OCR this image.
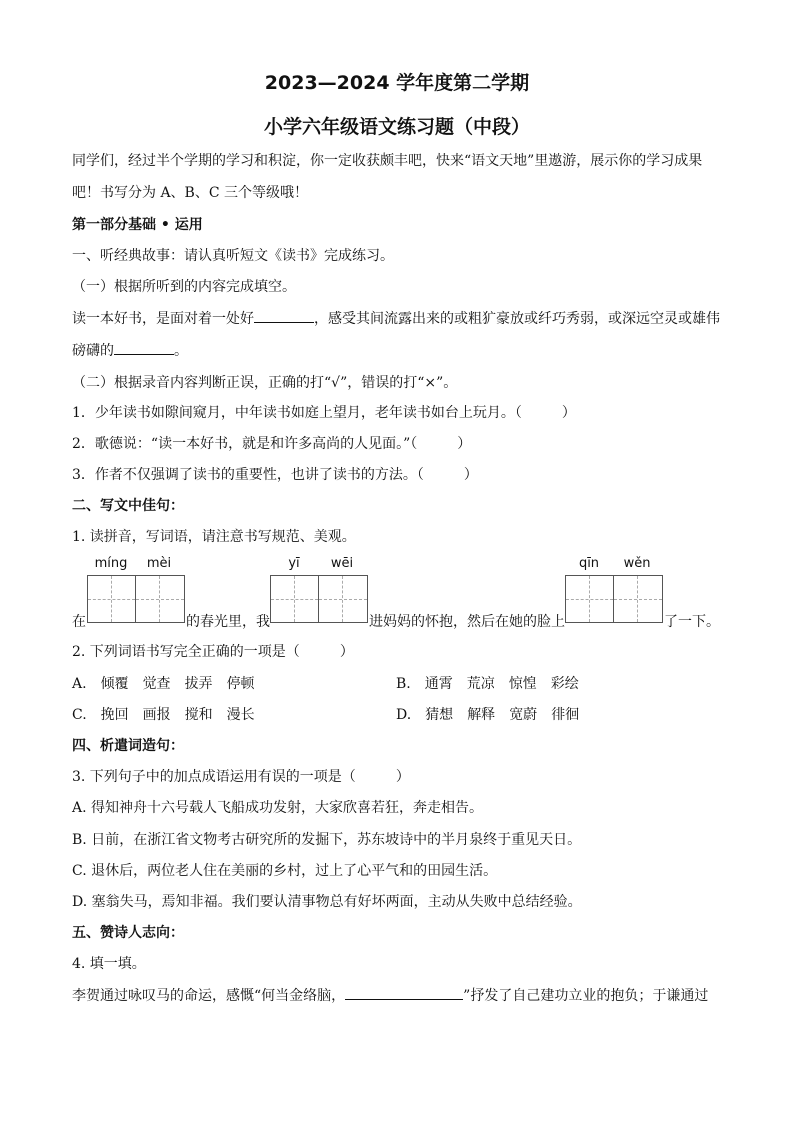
2023—2024 学年度第二学期
小学六年级语文练习题（中段）
同学们，经过半个学期的学习和积淀，你一定收获颇丰吧，快来“语文天地”里遨游，展示你的学习成果
吧！书写分为 A、B、C 三个等级哦！
第一部分基础 • 运用
一、听经典故事：请认真听短文《读书》完成练习。
（一）根据所听到的内容完成填空。
读一本好书，是面对着一处好	，感受其间流露出来的或粗犷豪放或纤巧秀弱，或深远空灵或雄伟
磅礴的	。
（二）根据录音内容判断正误，正确的打“√”，错误的打“×”。
1．少年读书如隙间窥月，中年读书如庭上望月，老年读书如台上玩月。（	）
2．歌德说：“读一本好书，就是和许多高尚的人见面。”（	）
3．作者不仅强调了读书的重要性，也讲了读书的方法。（	）
二、写文中佳句：
1. 读拼音，写词语，请注意书写规范、美观。
míng	mèi	yī	wēi	qīn	wěn
在	的春光里，我	进妈妈的怀抱，然后在她的脸上	了一下。
2. 下列词语书写完全正确的一项是（	）
A. 倾覆 觉查 拔弄 停顿	B. 通霄 荒凉 惊惶 彩绘
C. 挽回 画报 搅和 漫长	D. 猜想 解释 宽蔚 徘徊
四、析遣词造句：
3. 下列句子中的加点成语运用有误的一项是（	）
A. 得知神舟十六号载人飞船成功发射，大家欣喜若狂，奔走相告。
B. 日前，在浙江省文物考古研究所的发掘下，苏东坡诗中的半月泉终于重见天日。
C. 退休后，两位老人住在美丽的乡村，过上了心平气和的田园生活。
D. 塞翁失马，焉知非福。我们要认清事物总有好坏两面，主动从失败中总结经验。
五、赞诗人志向：
4. 填一填。
李贺通过咏叹马的命运，感慨“何当金络脑，	”抒发了自己建功立业的抱负；于谦通过
